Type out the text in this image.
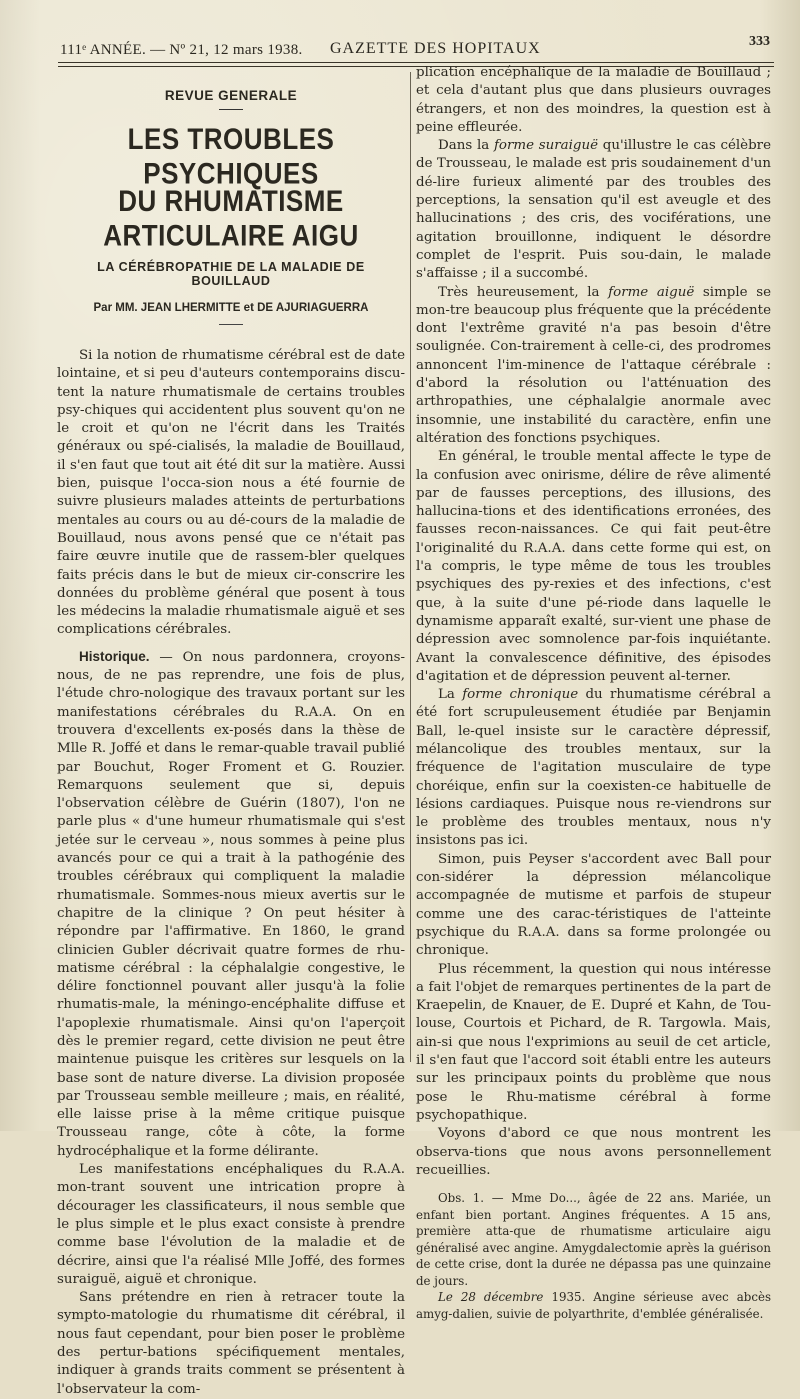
111ᵉ ANNÉE. — Nº 21, 12 mars 1938. GAZETTE DES HOPITAUX	333
REVUE GENERALE
LES TROUBLES PSYCHIQUES
DU RHUMATISME ARTICULAIRE AIGU
LA CÉRÉBROPATHIE DE LA MALADIE DE BOUILLAUD
Par MM. JEAN LHERMITTE et DE AJURIAGUERRA

Si la notion de rhumatisme cérébral est de date lointaine, et si peu d'auteurs contemporains discu-tent la nature rhumatismale de certains troubles psy-chiques qui accidentent plus souvent qu'on ne le croit et qu'on ne l'écrit dans les Traités généraux ou spé-cialisés, la maladie de Bouillaud, il s'en faut que tout ait été dit sur la matière. Aussi bien, puisque l'occa-sion nous a été fournie de suivre plusieurs malades atteints de perturbations mentales au cours ou au dé-cours de la maladie de Bouillaud, nous avons pensé que ce n'était pas faire œuvre inutile que de rassem-bler quelques faits précis dans le but de mieux cir-conscrire les données du problème général que posent à tous les médecins la maladie rhumatismale aiguë et ses complications cérébrales.

Historique. — On nous pardonnera, croyons-nous, de ne pas reprendre, une fois de plus, l'étude chro-nologique des travaux portant sur les manifestations cérébrales du R.A.A. On en trouvera d'excellents ex-posés dans la thèse de Mlle R. Joffé et dans le remar-quable travail publié par Bouchut, Roger Froment et G. Rouzier. Remarquons seulement que si, depuis l'observation célèbre de Guérin (1807), l'on ne parle plus « d'une humeur rhumatismale qui s'est jetée sur le cerveau », nous sommes à peine plus avancés pour ce qui a trait à la pathogénie des troubles cérébraux qui compliquent la maladie rhumatismale. Sommes-nous mieux avertis sur le chapitre de la clinique ? On peut hésiter à répondre par l'affirmative. En 1860, le grand clinicien Gubler décrivait quatre formes de rhu-matisme cérébral : la céphalalgie congestive, le délire fonctionnel pouvant aller jusqu'à la folie rhumatis-male, la méningo-encéphalite diffuse et l'apoplexie rhumatismale. Ainsi qu'on l'aperçoit dès le premier regard, cette division ne peut être maintenue puisque les critères sur lesquels on la base sont de nature diverse. La division proposée par Trousseau semble meilleure ; mais, en réalité, elle laisse prise à la même critique puisque Trousseau range, côte à côte, la forme hydrocéphalique et la forme délirante.

Les manifestations encéphaliques du R.A.A. mon-trant souvent une intrication propre à décourager les classificateurs, il nous semble que le plus simple et le plus exact consiste à prendre comme base l'évolution de la maladie et de décrire, ainsi que l'a réalisé Mlle Joffé, des formes suraiguë, aiguë et chronique.

Sans prétendre en rien à retracer toute la sympto-matologie du rhumatisme dit cérébral, il nous faut cependant, pour bien poser le problème des pertur-bations spécifiquement mentales, indiquer à grands traits comment se présentent à l'observateur la com-

plication encéphalique de la maladie de Bouillaud ; et cela d'autant plus que dans plusieurs ouvrages étrangers, et non des moindres, la question est à peine effleurée.

Dans la forme suraiguë qu'illustre le cas célèbre de Trousseau, le malade est pris soudainement d'un dé-lire furieux alimenté par des troubles des perceptions, la sensation qu'il est aveugle et des hallucinations ; des cris, des vociférations, une agitation brouillonne, indiquent le désordre complet de l'esprit. Puis sou-dain, le malade s'affaisse ; il a succombé.

Très heureusement, la forme aiguë simple se mon-tre beaucoup plus fréquente que la précédente dont l'extrême gravité n'a pas besoin d'être soulignée. Con-trairement à celle-ci, des prodromes annoncent l'im-minence de l'attaque cérébrale : d'abord la résolution ou l'atténuation des arthropathies, une céphalalgie anormale avec insomnie, une instabilité du caractère, enfin une altération des fonctions psychiques.

En général, le trouble mental affecte le type de la confusion avec onirisme, délire de rêve alimenté par de fausses perceptions, des illusions, des hallucina-tions et des identifications erronées, des fausses recon-naissances. Ce qui fait peut-être l'originalité du R.A.A. dans cette forme qui est, on l'a compris, le type même de tous les troubles psychiques des py-rexies et des infections, c'est que, à la suite d'une pé-riode dans laquelle le dynamisme apparaît exalté, sur-vient une phase de dépression avec somnolence par-fois inquiétante. Avant la convalescence définitive, des épisodes d'agitation et de dépression peuvent al-terner.

La forme chronique du rhumatisme cérébral a été fort scrupuleusement étudiée par Benjamin Ball, le-quel insiste sur le caractère dépressif, mélancolique des troubles mentaux, sur la fréquence de l'agitation musculaire de type choréique, enfin sur la coexisten-ce habituelle de lésions cardiaques. Puisque nous re-viendrons sur le problème des troubles mentaux, nous n'y insistons pas ici.

Simon, puis Peyser s'accordent avec Ball pour con-sidérer la dépression mélancolique accompagnée de mutisme et parfois de stupeur comme une des carac-téristiques de l'atteinte psychique du R.A.A. dans sa forme prolongée ou chronique.

Plus récemment, la question qui nous intéresse a fait l'objet de remarques pertinentes de la part de Kraepelin, de Knauer, de E. Dupré et Kahn, de Tou-louse, Courtois et Pichard, de R. Targowla. Mais, ain-si que nous l'exprimions au seuil de cet article, il s'en faut que l'accord soit établi entre les auteurs sur les principaux points du problème que nous pose le Rhu-matisme cérébral à forme psychopathique.

Voyons d'abord ce que nous montrent les observa-tions que nous avons personnellement recueillies.

Obs. 1. — Mme Do..., âgée de 22 ans. Mariée, un enfant bien portant. Angines fréquentes. A 15 ans, première atta-que de rhumatisme articulaire aigu généralisé avec angine. Amygdalectomie après la guérison de cette crise, dont la durée ne dépassa pas une quinzaine de jours.

Le 28 décembre 1935. Angine sérieuse avec abcès amyg-dalien, suivie de polyarthrite, d'emblée généralisée.
